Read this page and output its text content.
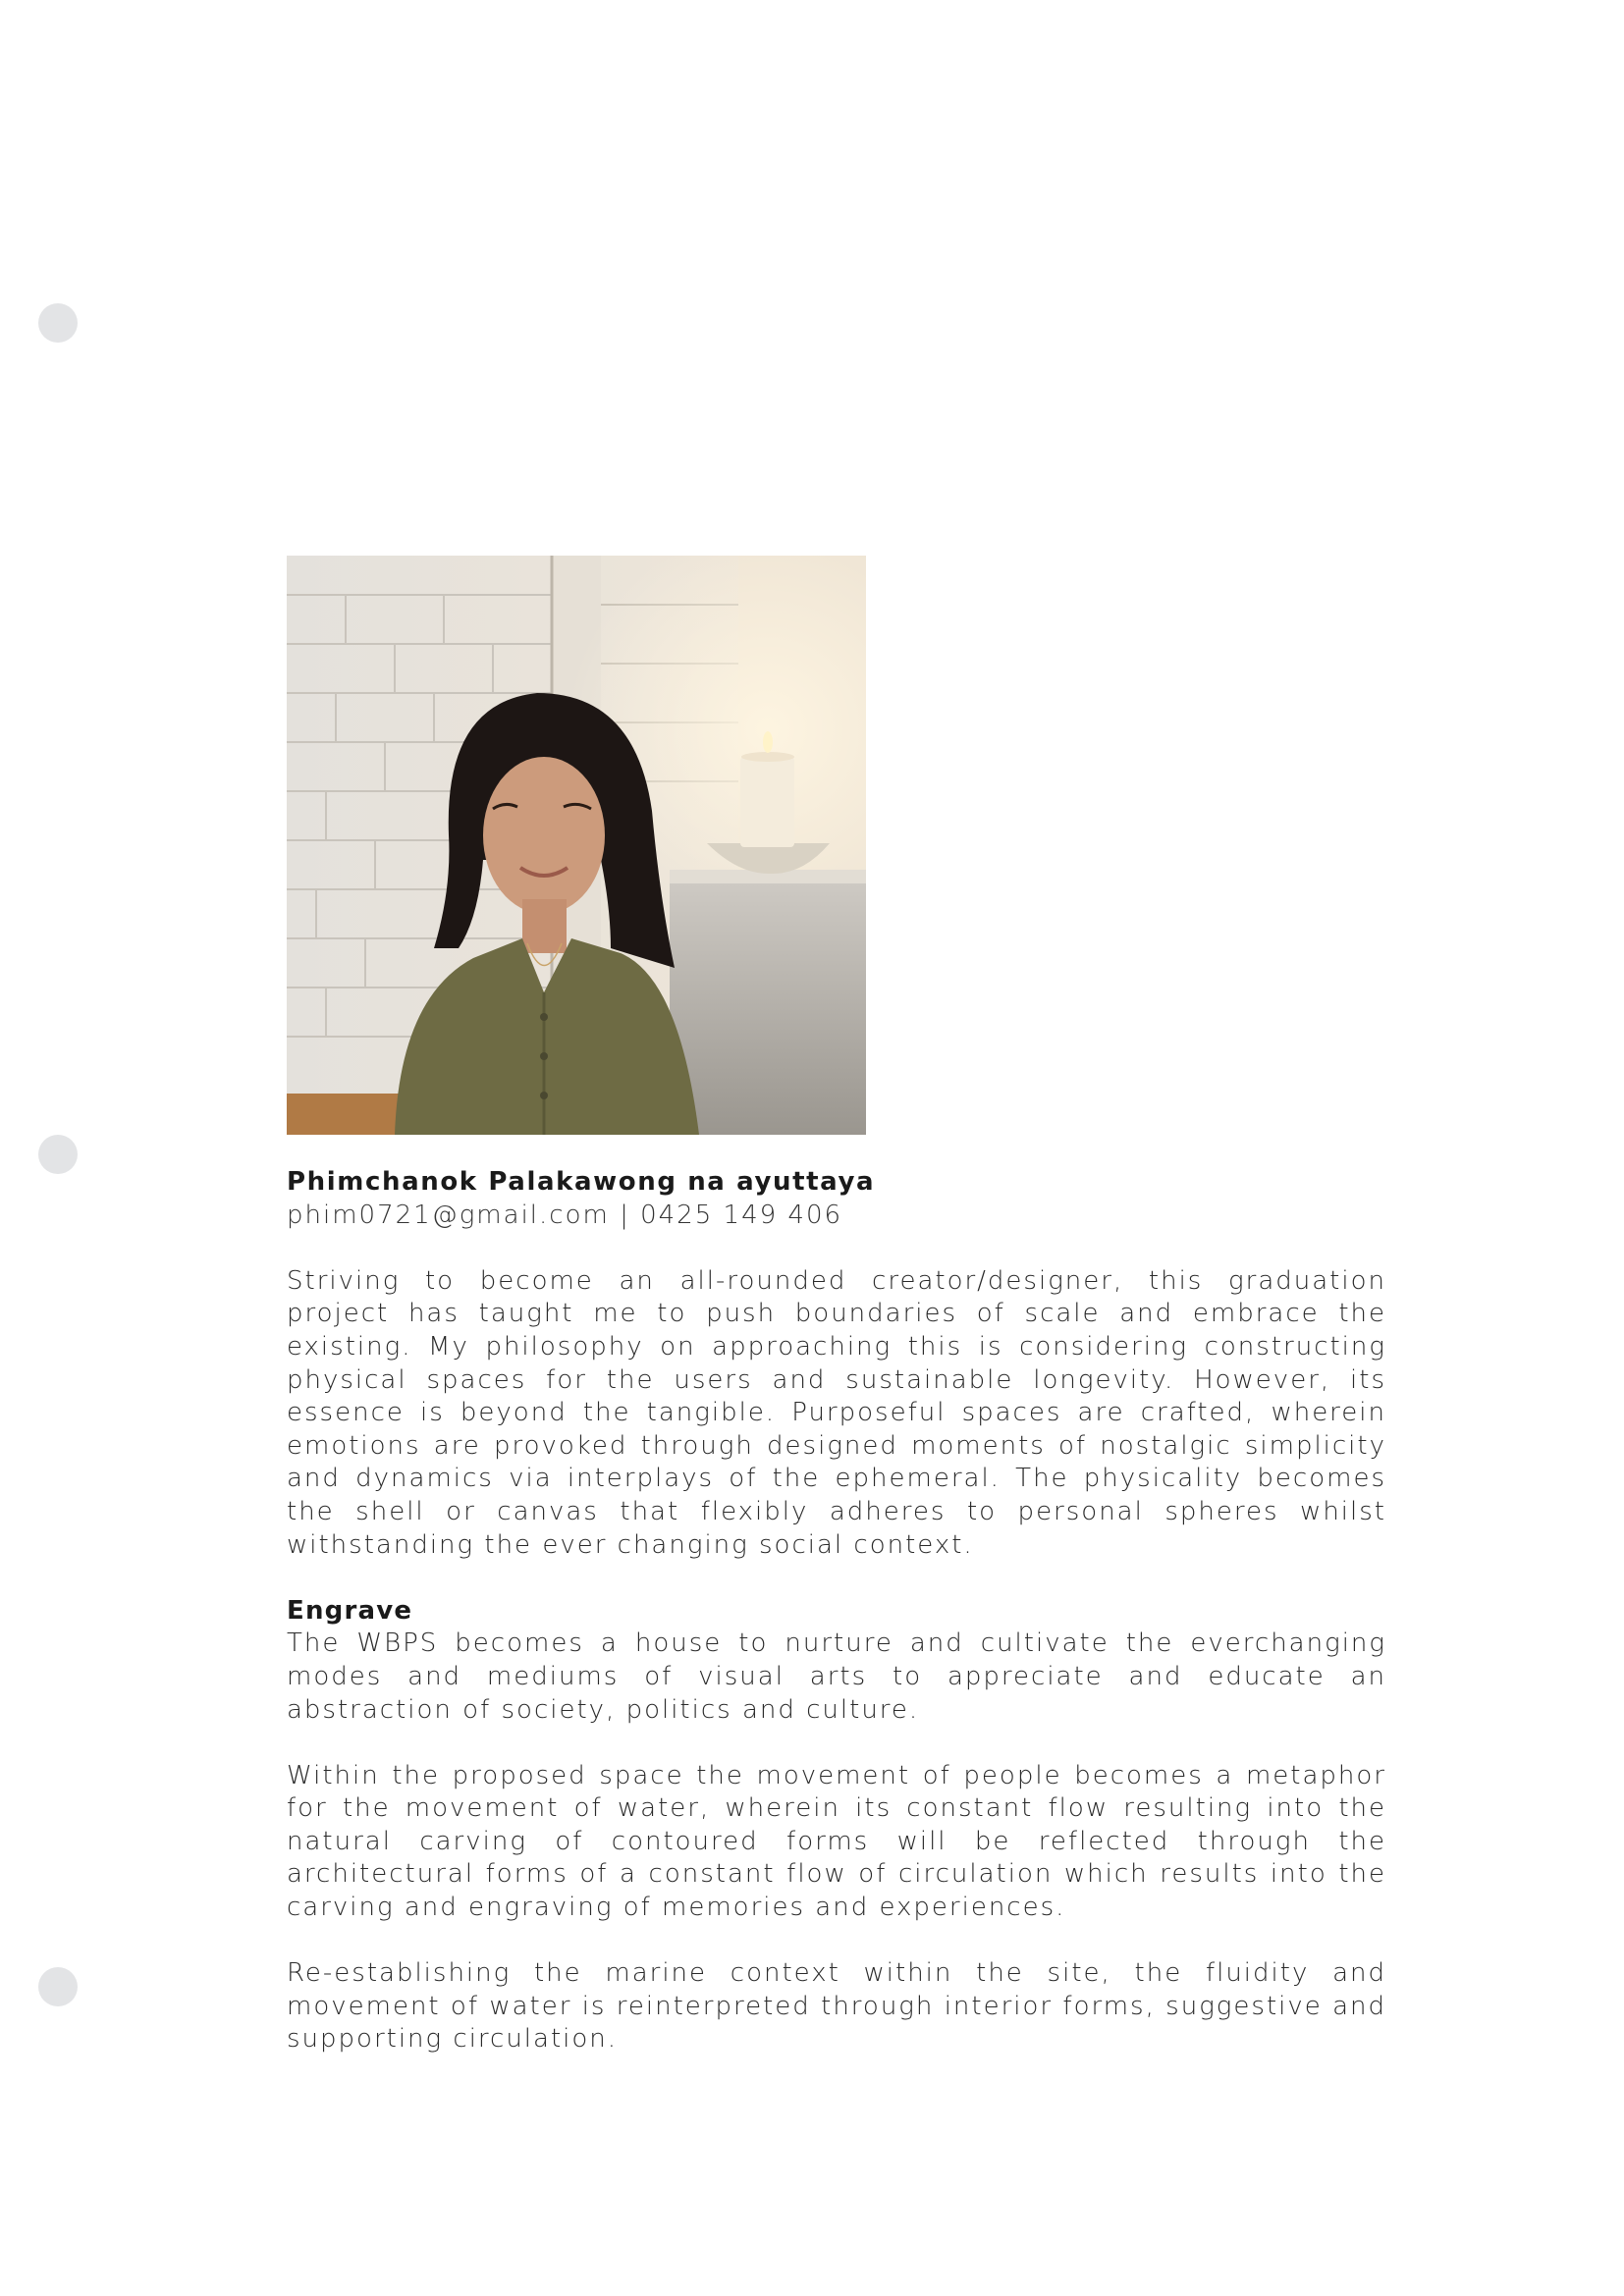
Phimchanok Palakawong na ayuttaya
phim0721@gmail.com | 0425 149 406

Striving to become an all-rounded creator/designer, this graduation project has taught me to push boundaries of scale and embrace the existing. My philosophy on approaching this is considering constructing physical spaces for the users and sustainable longevity. However, its essence is beyond the tangible. Purposeful spaces are crafted, wherein emotions are provoked through designed moments of nostalgic simplicity and dynamics via interplays of the ephemeral. The physicality becomes the shell or canvas that flexibly adheres to personal spheres whilst withstanding the ever changing social context.

Engrave

The WBPS becomes a house to nurture and cultivate the everchanging modes and mediums of visual arts to appreciate and educate an abstraction of society, politics and culture.

Within the proposed space the movement of people becomes a metaphor for the movement of water, wherein its constant flow resulting into the natural carving of contoured forms will be reflected through the architectural forms of a constant flow of circulation which results into the carving and engraving of memories and experiences.

Re-establishing the marine context within the site, the fluidity and movement of water is reinterpreted through interior forms, suggestive and supporting circulation.
